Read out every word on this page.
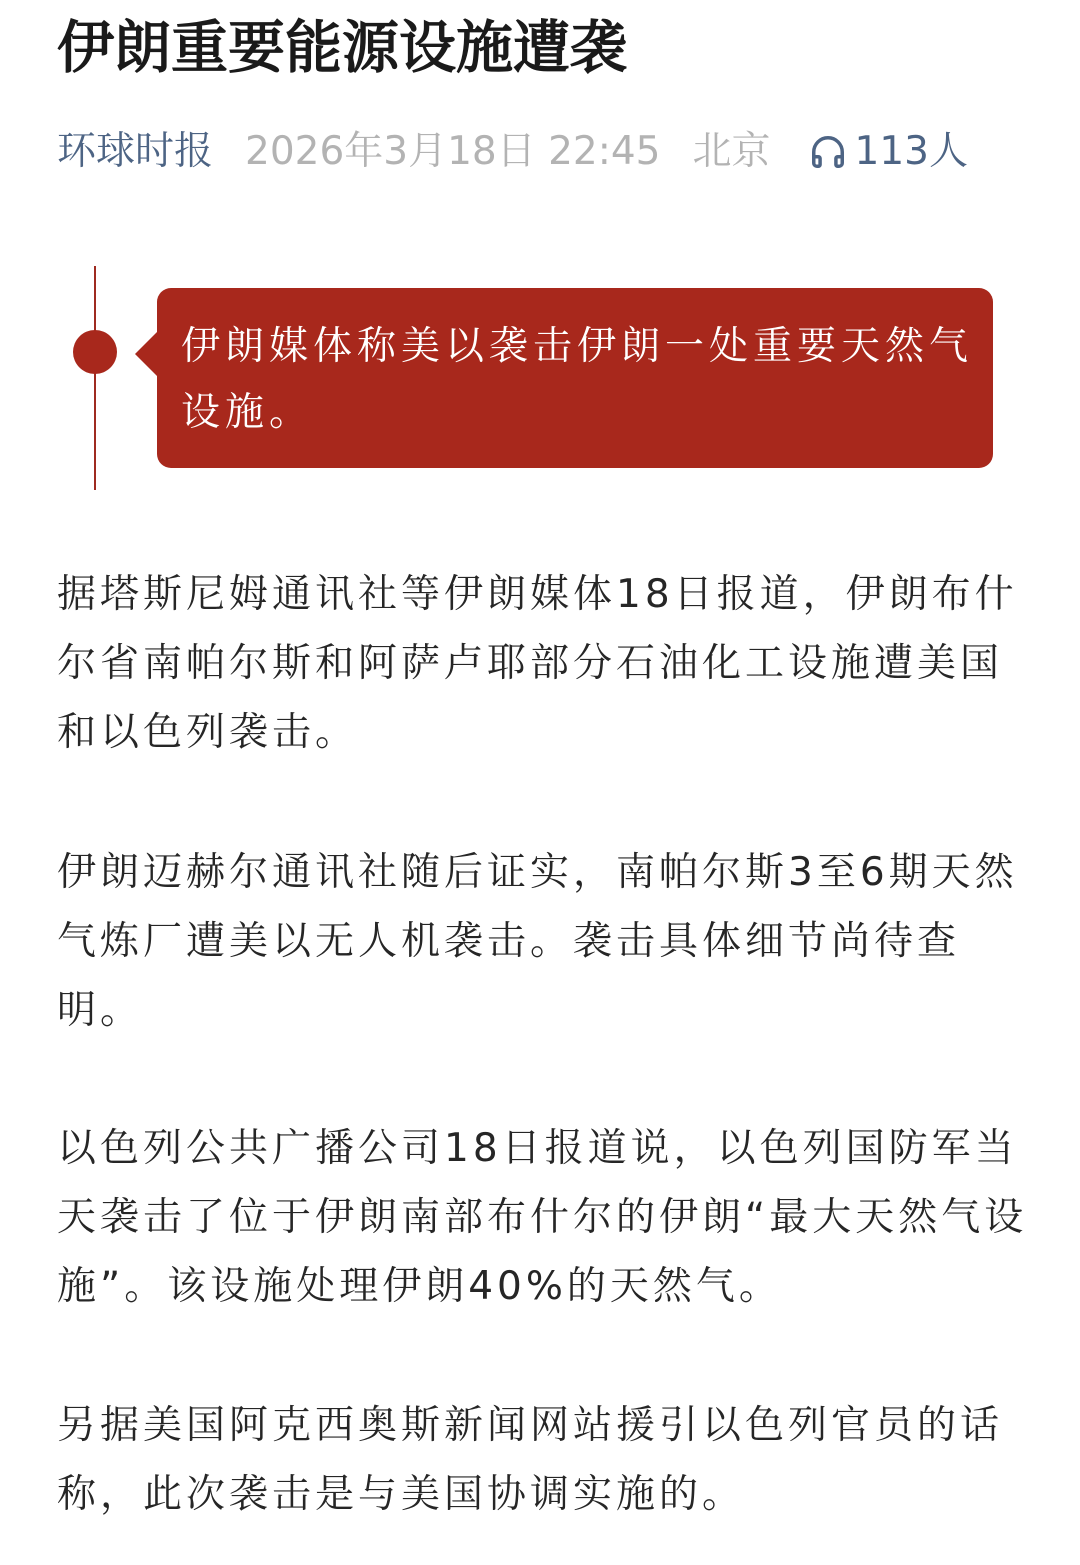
伊朗重要能源设施遭袭
环球时报 2026年3月18日 22:45 北京 113人
伊朗媒体称美以袭击伊朗一处重要天然气设施。

据塔斯尼姆通讯社等伊朗媒体18日报道，伊朗布什尔省南帕尔斯和阿萨卢耶部分石油化工设施遭美国和以色列袭击。

伊朗迈赫尔通讯社随后证实，南帕尔斯3至6期天然气炼厂遭美以无人机袭击。袭击具体细节尚待查明。

以色列公共广播公司18日报道说，以色列国防军当天袭击了位于伊朗南部布什尔的伊朗“最大天然气设施”。该设施处理伊朗40%的天然气。

另据美国阿克西奥斯新闻网站援引以色列官员的话称，此次袭击是与美国协调实施的。
